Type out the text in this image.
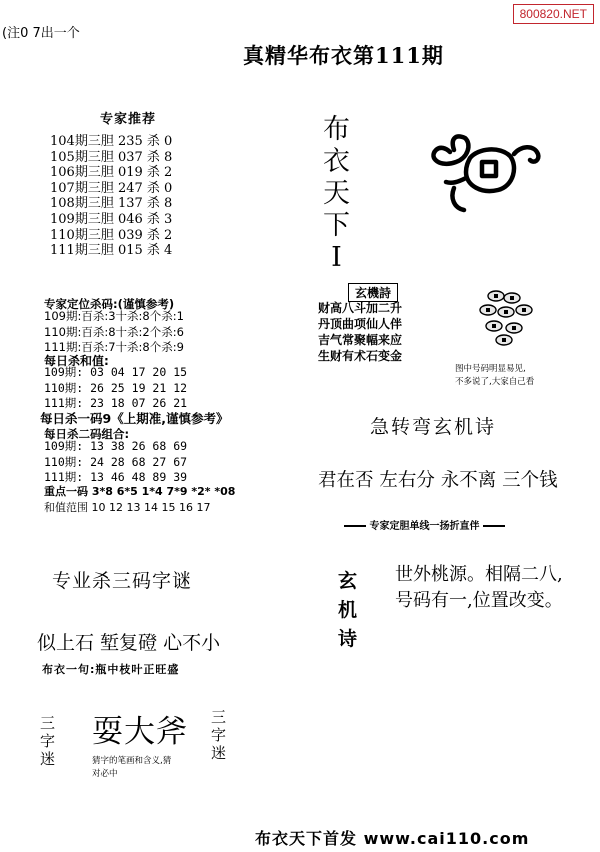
800820.NET
(注0 7出一个
真精华布衣第111期
专家推荐
104期三胆 235 杀 0
105期三胆 037 杀 8
106期三胆 019 杀 2
107期三胆 247 杀 0
108期三胆 137 杀 8
109期三胆 046 杀 3
110期三胆 039 杀 2
111期三胆 015 杀 4
专家定位杀码:(谨慎参考)
109期:百杀:3十杀:8个杀:1
110期:百杀:8十杀:2个杀:6
111期:百杀:7十杀:8个杀:9
每日杀和值:
109期: 03 04 17 20 15
110期: 26 25 19 21 12
111期: 23 18 07 26 21
每日杀一码9《上期准,谨慎参考》
每日杀二码组合:
109期: 13 38 26 68 69
110期: 24 28 68 27 67
111期: 13 46 48 89 39
重点一码 3*8 6*5 1*4 7*9 *2* *08
和值范围 10 12 13 14 15 16 17
专业杀三码字谜
似上石 堑复磴 心不小
布衣一句:瓶中枝叶正旺盛
三
字
迷
三
字
迷
耍大斧
猜字的笔画和含义,猜
对必中
布
衣
天
下
I
玄機詩
财高八斗加二升
丹顶曲项仙人伴
吉气常聚幅来应
生财有术石变金
图中号码明显易见,
不多说了,大家自己看
急转弯玄机诗
君在否 左右分 永不离 三个钱
专家定胆单线一扬折直伴
玄
机
诗
世外桃源。相隔二八,
号码有一,位置改变。
布衣天下首发 www.cai110.com
